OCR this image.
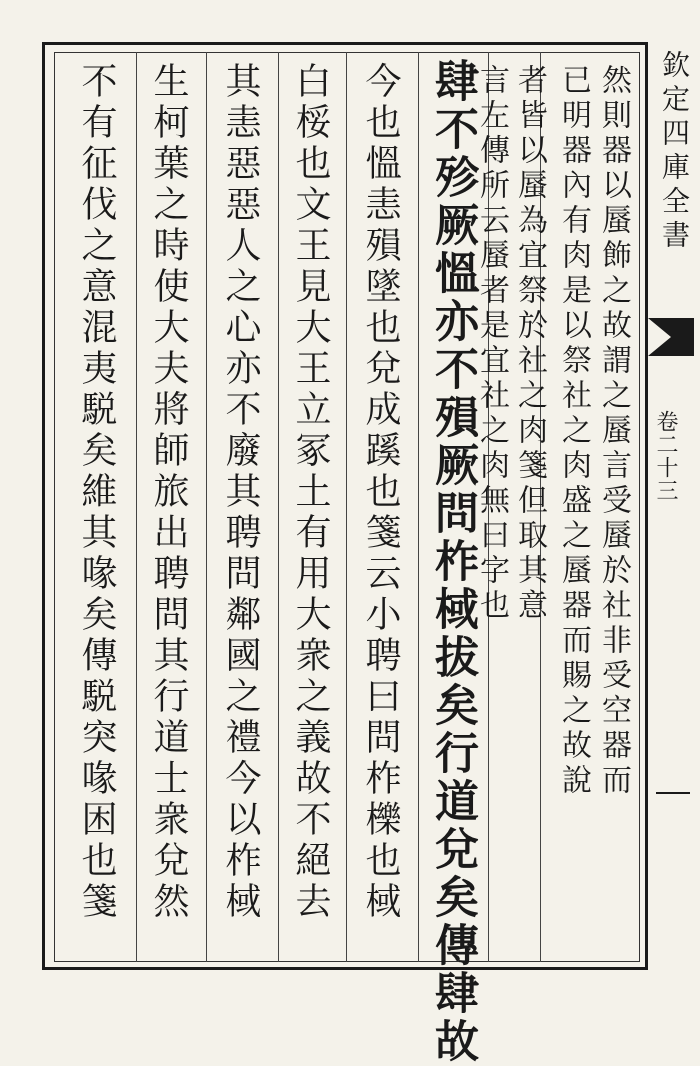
欽定四庫全書
卷二十三
然則器以蜃飾之故謂之蜃言受蜃於社非受空器而
已明器內有肉是以祭社之肉盛之蜃器而賜之故說
者皆以蜃為宜祭於社之肉箋但取其意
言左傳所云蜃者是宜社之肉無曰字也
肆不殄厥慍亦不殞厥問柞棫拔矣行道兌矣傳肆故
今也慍恚殞墜也兌成蹊也箋云小聘曰問柞櫟也棫
白桵也文王見大王立冢土有用大衆之義故不絕去
其恚惡惡人之心亦不廢其聘問鄰國之禮今以柞棫
生柯葉之時使大夫將師旅出聘問其行道士衆兌然
不有征伐之意混夷駾矣維其喙矣傳駾突喙困也箋
